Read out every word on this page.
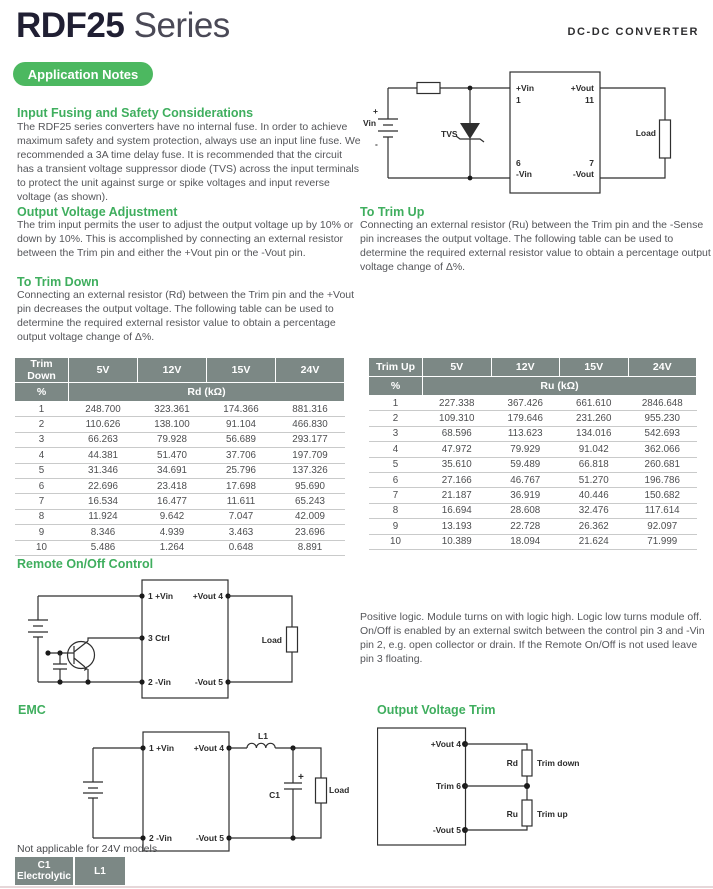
RDF25 Series	DC-DC CONVERTER
Application Notes
+
Vin
-
TVS
+Vin
1
+Vout
11
6
-Vin
7
-Vout
Load
Input Fusing and Safety Considerations
The RDF25 series converters have no internal fuse. In order to achieve maximum safety and system protection, always use an input line fuse. We recommended a 3A time delay fuse. It is recommended that the circuit has a transient voltage suppressor diode (TVS) across the input terminals to protect the unit against surge or spike voltages and input reverse voltage (as shown).
Output Voltage Adjustment
The trim input permits the user to adjust the output voltage up by 10% or down by 10%. This is accomplished by connecting an external resistor between the Trim pin and either the +Vout pin or the -Vout pin.
To Trim Up
Connecting an external resistor (Ru) between the Trim pin and the -Sense pin increases the output voltage. The following table can be used to determine the required external resistor value to obtain a percentage output voltage change of Δ%.
To Trim Down
Connecting an external resistor (Rd) between the Trim pin and the +Vout pin decreases the output voltage. The following table can be used to determine the required external resistor value to obtain a percentage output voltage change of Δ%.
Trim Down	5V	12V	15V	24V
%	Rd (kΩ)			
1	248.700	323.361	174.366	881.316
2	110.626	138.100	91.104	466.830
3	66.263	79.928	56.689	293.177
4	44.381	51.470	37.706	197.709
5	31.346	34.691	25.796	137.326
6	22.696	23.418	17.698	95.690
7	16.534	16.477	11.611	65.243
8	11.924	9.642	7.047	42.009
9	8.346	4.939	3.463	23.696
10	5.486	1.264	0.648	8.891
Trim Up	5V	12V	15V	24V
%	Ru (kΩ)			
1	227.338	367.426	661.610	2846.648
2	109.310	179.646	231.260	955.230
3	68.596	113.623	134.016	542.693
4	47.972	79.929	91.042	362.066
5	35.610	59.489	66.818	260.681
6	27.166	46.767	51.270	196.786
7	21.187	36.919	40.446	150.682
8	16.694	28.608	32.476	117.614
9	13.193	22.728	26.362	92.097
10	10.389	18.094	21.624	71.999
Remote On/Off Control
1 +Vin
3 Ctrl
2 -Vin
+Vout 4
-Vout 5
Load
Positive logic. Module turns on with logic high. Logic low turns module off. On/Off is enabled by an external switch between the control pin 3 and -Vin pin 2, e.g. open collector or drain. If the Remote On/Off is not used leave pin 3 floating.
EMC
1 +Vin
2 -Vin
+Vout 4
-Vout 5
L1
+
C1	Load
Output Voltage Trim
+Vout 4
Trim 6
-Vout 5
Rd Trim down
Ru Trim up
Not applicable for 24V models
C1
Electrolytic L1
